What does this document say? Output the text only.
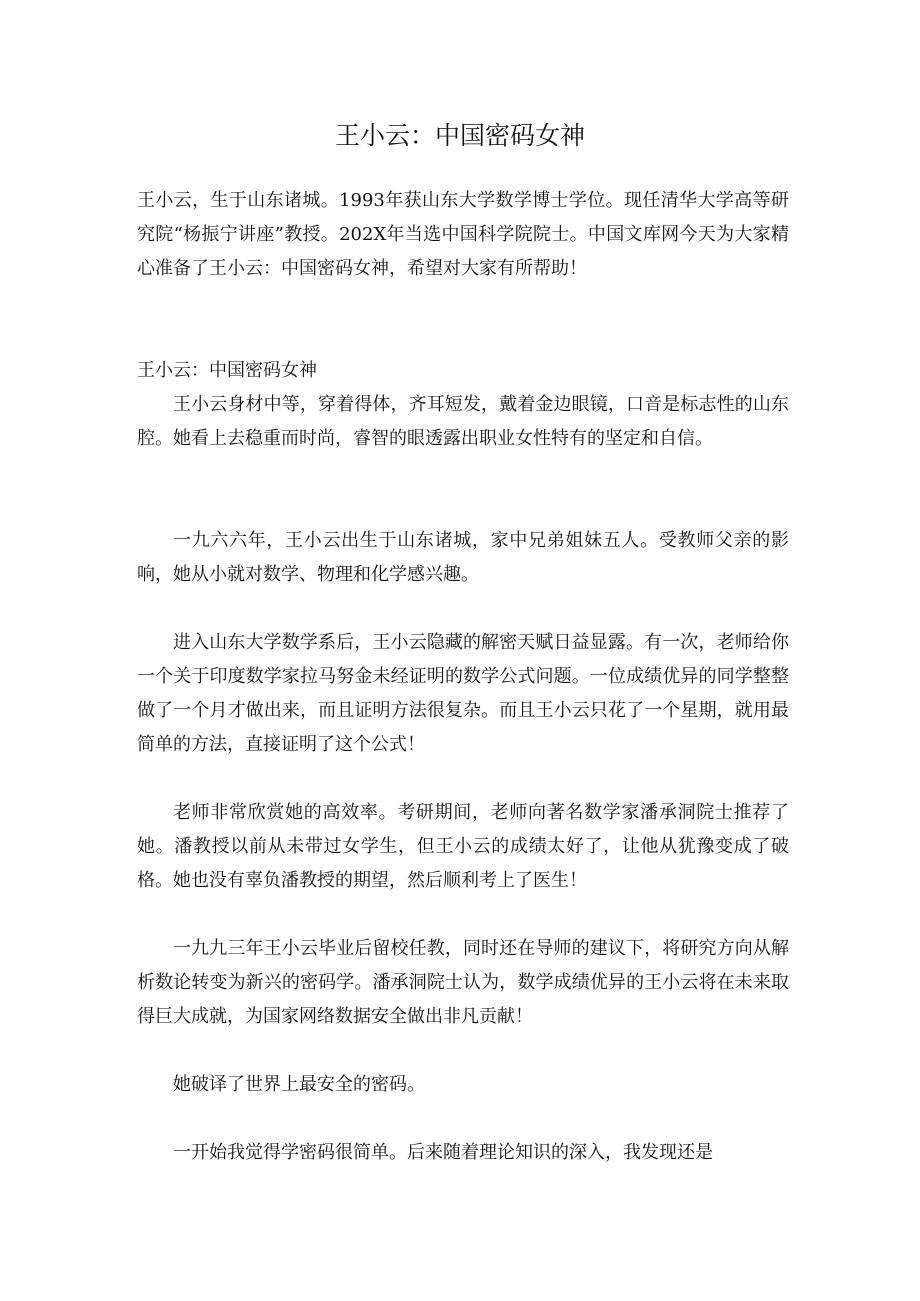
王小云：中国密码女神

王小云，生于山东诸城。1993年获山东大学数学博士学位。现任清华大学高等研究院“杨振宁讲座”教授。202X年当选中国科学院院士。中国文库网今天为大家精心准备了王小云：中国密码女神，希望对大家有所帮助！

王小云：中国密码女神

王小云身材中等，穿着得体，齐耳短发，戴着金边眼镜，口音是标志性的山东腔。她看上去稳重而时尚，睿智的眼透露出职业女性特有的坚定和自信。

一九六六年，王小云出生于山东诸城，家中兄弟姐妹五人。受教师父亲的影响，她从小就对数学、物理和化学感兴趣。

进入山东大学数学系后，王小云隐藏的解密天赋日益显露。有一次，老师给你一个关于印度数学家拉马努金未经证明的数学公式问题。一位成绩优异的同学整整做了一个月才做出来，而且证明方法很复杂。而且王小云只花了一个星期，就用最简单的方法，直接证明了这个公式！

老师非常欣赏她的高效率。考研期间，老师向著名数学家潘承洞院士推荐了她。潘教授以前从未带过女学生，但王小云的成绩太好了，让他从犹豫变成了破格。她也没有辜负潘教授的期望，然后顺利考上了医生！

一九九三年王小云毕业后留校任教，同时还在导师的建议下，将研究方向从解析数论转变为新兴的密码学。潘承洞院士认为，数学成绩优异的王小云将在未来取得巨大成就，为国家网络数据安全做出非凡贡献！

她破译了世界上最安全的密码。

一开始我觉得学密码很简单。后来随着理论知识的深入，我发现还是
